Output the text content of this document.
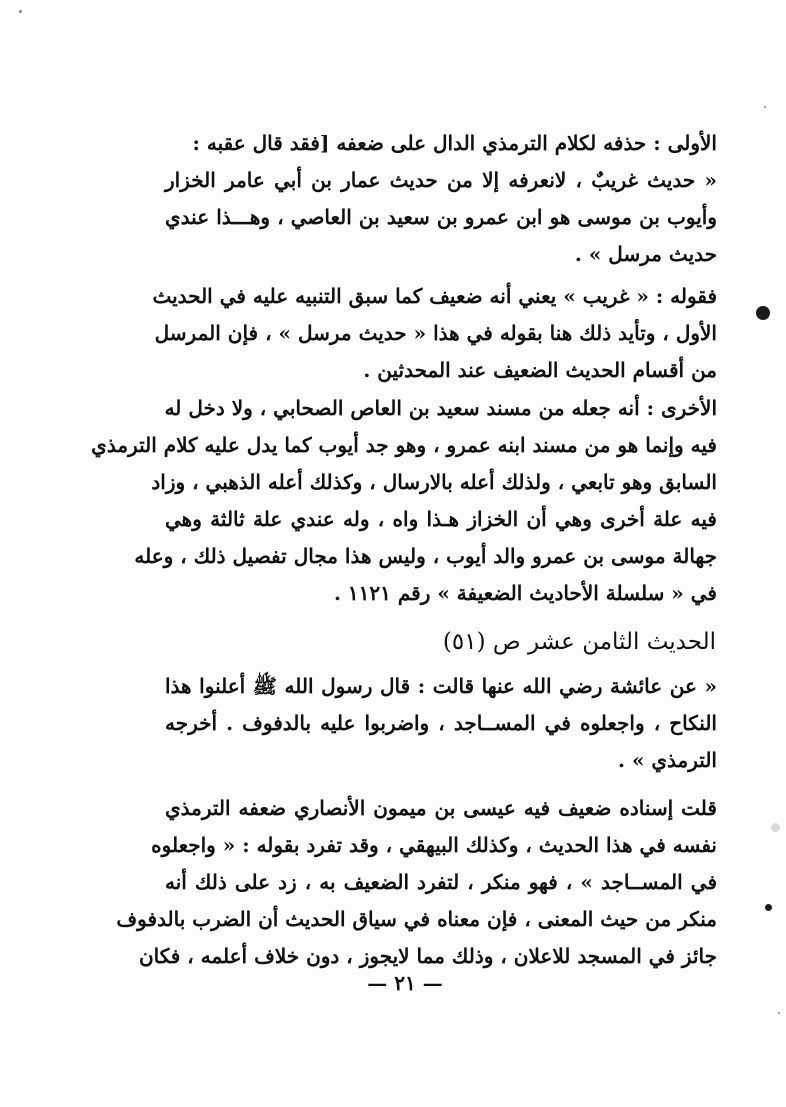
الأولى : حذفه لكلام الترمذي الدال على ضعفه [فقد قال عقبه :
« حديث غريبٌ ، لانعرفه إلا من حديث عمار بن أبي عامر الخزار
وأيوب بن موسى هو ابن عمرو بن سعيد بن العاصي ، وهـــذا عندي
حديث مرسل » .
فقوله : « غريب » يعني أنه ضعيف كما سبق التنبيه عليه في الحديث
الأول ، وتأيد ذلك هنا بقوله في هذا « حديث مرسل » ، فإن المرسل
من أقسام الحديث الضعيف عند المحدثين .
الأخرى : أنه جعله من مسند سعيد بن العاص الصحابي ، ولا دخل له
فيه وإنما هو من مسند ابنه عمرو ، وهو جد أيوب كما يدل عليه كلام الترمذي
السابق وهو تابعي ، ولذلك أعله بالارسال ، وكذلك أعله الذهبي ، وزاد
فيه علة أخرى وهي أن الخزاز هـذا واه ، وله عندي علة ثالثة وهي
جهالة موسى بن عمرو والد أيوب ، وليس هذا مجال تفصيل ذلك ، وعله
في « سلسلة الأحاديث الضعيفة » رقم ١١٢١ .
الحديث الثامن عشر ص (٥١)
« عن عائشة رضي الله عنها قالت : قال رسول الله ﷺ أعلنوا هذا
النكاح ، واجعلوه في المســاجد ، واضربوا عليه بالدفوف . أخرجه
الترمذي » .
قلت إسناده ضعيف فيه عيسى بن ميمون الأنصاري ضعفه الترمذي
نفسه في هذا الحديث ، وكذلك البيهقي ، وقد تفرد بقوله : « واجعلوه
في المســاجد » ، فهو منكر ، لتفرد الضعيف به ، زد على ذلك أنه
منكر من حيث المعنى ، فإن معناه في سياق الحديث أن الضرب بالدفوف
جائز في المسجد للاعلان ، وذلك مما لايجوز ، دون خلاف أعلمه ، فكان
— ٢١ —
